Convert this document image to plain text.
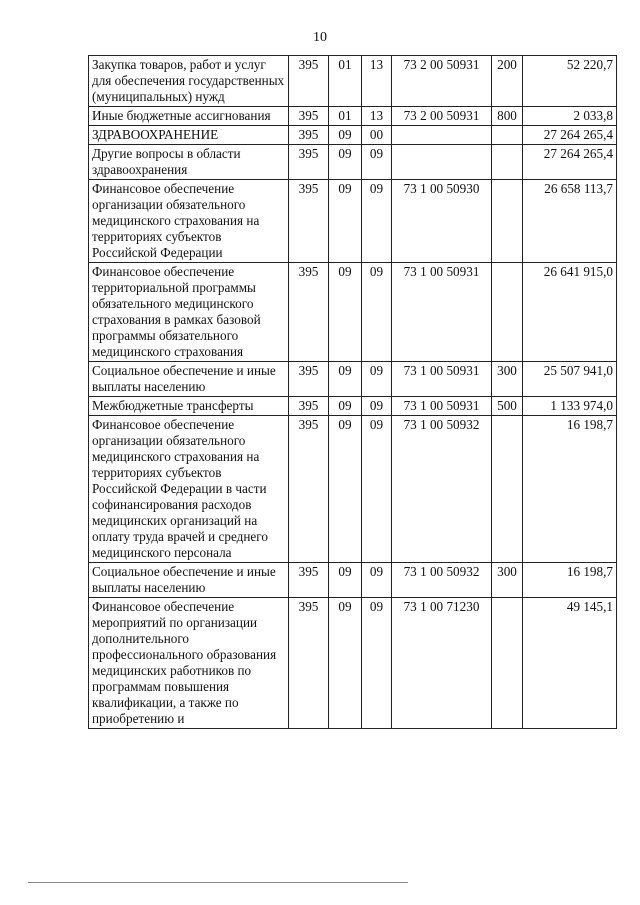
10
Закупка товаров, работ и услуг для обеспечения государственных (муниципальных) нужд	395	01	13	73 2 00 50931	200	52 220,7
Иные бюджетные ассигнования	395	01	13	73 2 00 50931	800	2 033,8
ЗДРАВООХРАНЕНИЕ	395	09	00			27 264 265,4
Другие вопросы в области здравоохранения	395	09	09			27 264 265,4
Финансовое обеспечение организации обязательного медицинского страхования на территориях субъектов Российской Федерации	395	09	09	73 1 00 50930		26 658 113,7
Финансовое обеспечение территориальной программы обязательного медицинского страхования в рамках базовой программы обязательного медицинского страхования	395	09	09	73 1 00 50931		26 641 915,0
Социальное обеспечение и иные выплаты населению	395	09	09	73 1 00 50931	300	25 507 941,0
Межбюджетные трансферты	395	09	09	73 1 00 50931	500	1 133 974,0
Финансовое обеспечение организации обязательного медицинского страхования на территориях субъектов Российской Федерации в части софинансирования расходов медицинских организаций на оплату труда врачей и среднего медицинского персонала	395	09	09	73 1 00 50932		16 198,7
Социальное обеспечение и иные выплаты населению	395	09	09	73 1 00 50932	300	16 198,7
Финансовое обеспечение мероприятий по организации дополнительного профессионального образования медицинских работников по программам повышения квалификации, а также по приобретению и	395	09	09	73 1 00 71230		49 145,1
